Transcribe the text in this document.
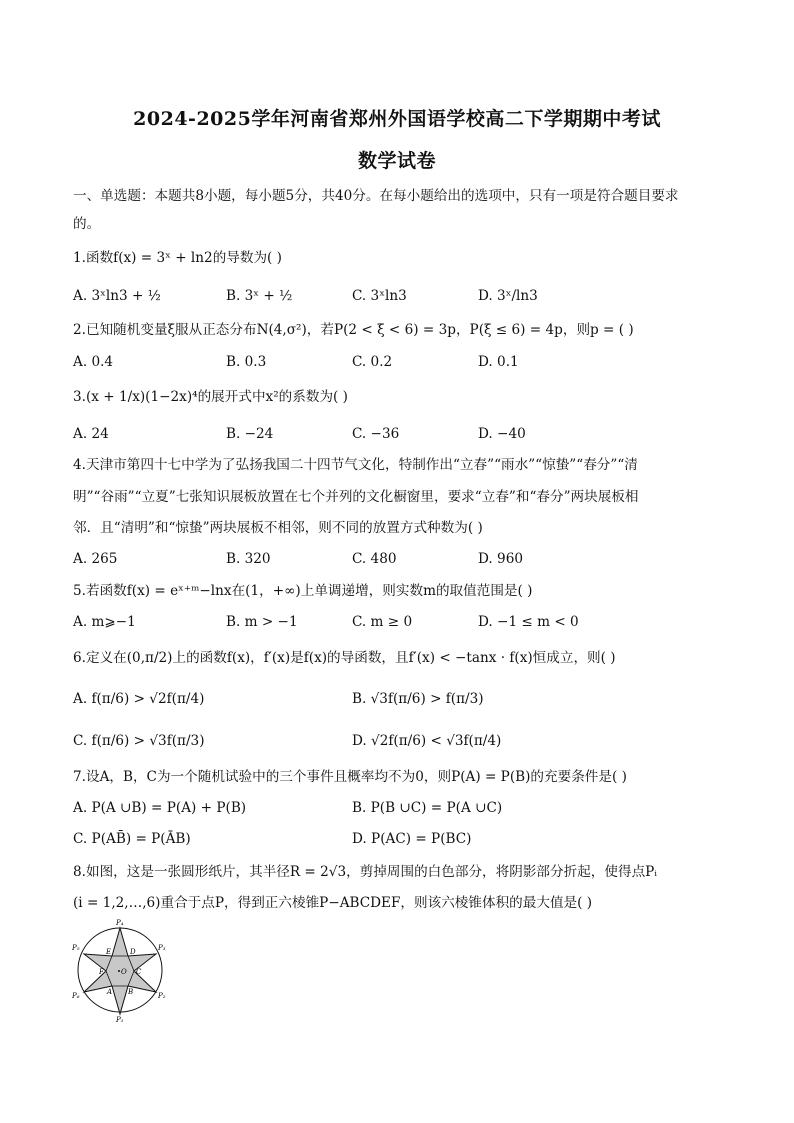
2024-2025学年河南省郑州外国语学校高二下学期期中考试
数学试卷
一、单选题：本题共8小题，每小题5分，共40分。在每小题给出的选项中，只有一项是符合题目要求
的。
1.函数f(x) = 3ˣ + ln2的导数为( )
A. 3ˣln3 + ½	B. 3ˣ + ½	C. 3ˣln3	D. 3ˣ/ln3
2.已知随机变量ξ服从正态分布N(4,σ²)，若P(2 < ξ < 6) = 3p，P(ξ ≤ 6) = 4p，则p = ( )
A. 0.4	B. 0.3	C. 0.2	D. 0.1
3.(x + 1/x)(1−2x)⁴的展开式中x²的系数为( )
A. 24	B. −24	C. −36	D. −40
4.天津市第四十七中学为了弘扬我国二十四节气文化，特制作出“立春”“雨水”“惊蛰”“春分”“清
明”“谷雨”“立夏”七张知识展板放置在七个并列的文化橱窗里，要求“立春”和“春分”两块展板相
邻．且“清明”和“惊蛰”两块展板不相邻，则不同的放置方式种数为( )
A. 265	B. 320	C. 480	D. 960
5.若函数f(x) = eˣ⁺ᵐ−lnx在(1，+∞)上单调递增，则实数m的取值范围是( )
A. m⩾−1	B. m > −1	C. m ≥ 0	D. −1 ≤ m < 0
6.定义在(0,π/2)上的函数f(x)，f′(x)是f(x)的导函数，且f′(x) < −tanx · f(x)恒成立，则( )
A. f(π/6) > √2f(π/4)	B. √3f(π/6) > f(π/3)
C. f(π/6) > √3f(π/3)	D. √2f(π/6) < √3f(π/4)
7.设A，B，C为一个随机试验中的三个事件且概率均不为0，则P(A) = P(B)的充要条件是( )
A. P(A ∪B) = P(A) + P(B)	B. P(B ∪C) = P(A ∪C)
C. P(AB̄) = P(ĀB)	D. P(AC) = P(BC)
8.如图，这是一张圆形纸片，其半径R = 2√3，剪掉周围的白色部分，将阴影部分折起，使得点Pᵢ
(i = 1,2,…,6)重合于点P，得到正六棱锥P−ABCDEF，则该六棱锥体积的最大值是( )
P₄
P₃
P₂
P₁
P₆
P₅	D
E
C
F
B
A
O
